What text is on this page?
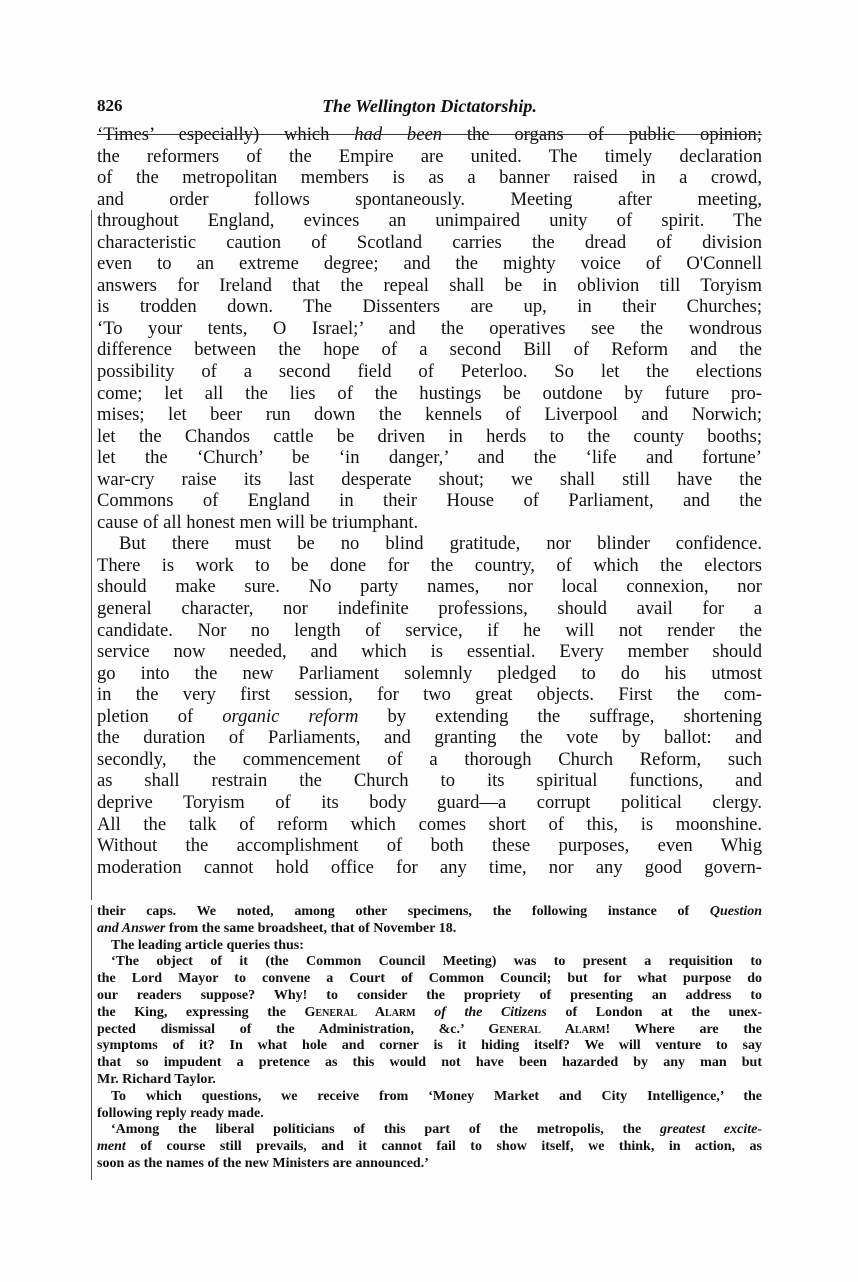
826	The Wellington Dictatorship.
‘Times’ especially) which had been the organs of public opinion;
the reformers of the Empire are united. The timely declaration
of the metropolitan members is as a banner raised in a crowd,
and order follows spontaneously. Meeting after meeting,
throughout England, evinces an unimpaired unity of spirit. The
characteristic caution of Scotland carries the dread of division
even to an extreme degree; and the mighty voice of O'Connell
answers for Ireland that the repeal shall be in oblivion till Toryism
is trodden down. The Dissenters are up, in their Churches;
‘To your tents, O Israel;’ and the operatives see the wondrous
difference between the hope of a second Bill of Reform and the
possibility of a second field of Peterloo. So let the elections
come; let all the lies of the hustings be outdone by future pro-
mises; let beer run down the kennels of Liverpool and Norwich;
let the Chandos cattle be driven in herds to the county booths;
let the ‘Church’ be ‘in danger,’ and the ‘life and fortune’
war-cry raise its last desperate shout; we shall still have the
Commons of England in their House of Parliament, and the
cause of all honest men will be triumphant.
But there must be no blind gratitude, nor blinder confidence.
There is work to be done for the country, of which the electors
should make sure. No party names, nor local connexion, nor
general character, nor indefinite professions, should avail for a
candidate. Nor no length of service, if he will not render the
service now needed, and which is essential. Every member should
go into the new Parliament solemnly pledged to do his utmost
in the very first session, for two great objects. First the com-
pletion of organic reform by extending the suffrage, shortening
the duration of Parliaments, and granting the vote by ballot: and
secondly, the commencement of a thorough Church Reform, such
as shall restrain the Church to its spiritual functions, and
deprive Toryism of its body guard—a corrupt political clergy.
All the talk of reform which comes short of this, is moonshine.
Without the accomplishment of both these purposes, even Whig
moderation cannot hold office for any time, nor any good govern-
their caps. We noted, among other specimens, the following instance of Question
and Answer from the same broadsheet, that of November 18.
The leading article queries thus:
‘The object of it (the Common Council Meeting) was to present a requisition to
the Lord Mayor to convene a Court of Common Council; but for what purpose do
our readers suppose? Why! to consider the propriety of presenting an address to
the King, expressing the General Alarm of the Citizens of London at the unex-
pected dismissal of the Administration, &c.’ General Alarm! Where are the
symptoms of it? In what hole and corner is it hiding itself? We will venture to say
that so impudent a pretence as this would not have been hazarded by any man but
Mr. Richard Taylor.
To which questions, we receive from ‘Money Market and City Intelligence,’ the
following reply ready made.
‘Among the liberal politicians of this part of the metropolis, the greatest excite-
ment of course still prevails, and it cannot fail to show itself, we think, in action, as
soon as the names of the new Ministers are announced.’
